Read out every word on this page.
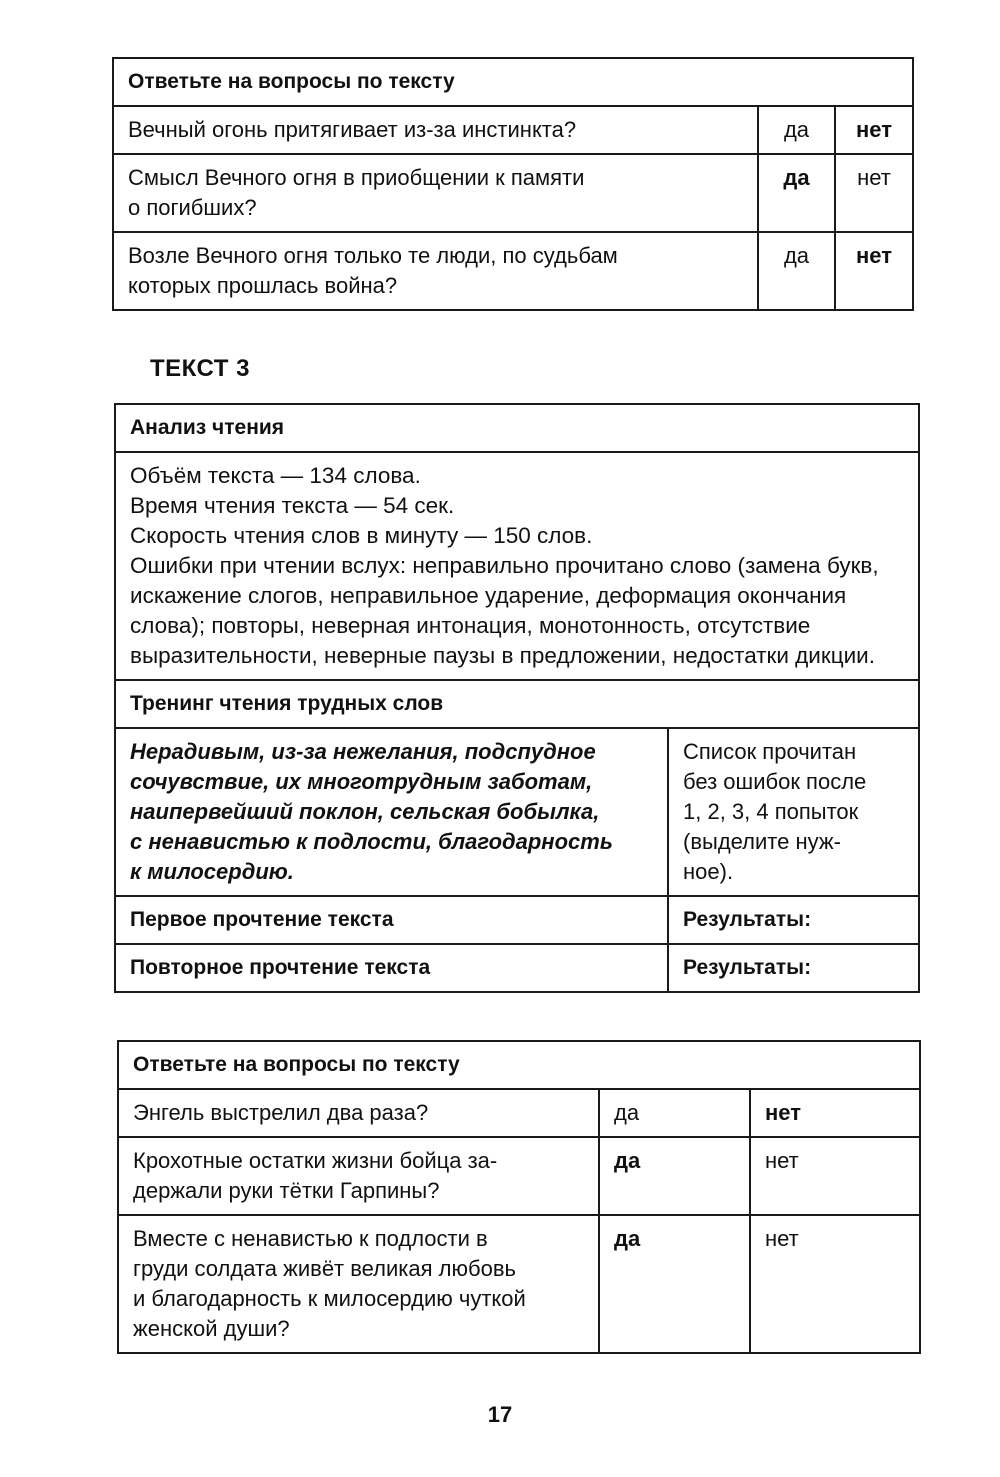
Ответьте на вопросы по тексту		
Вечный огонь притягивает из-за инстинкта?	да	нет
Смысл Вечного огня в приобщении к памяти
о погибших?	да	нет
Возле Вечного огня только те люди, по судьбам
которых прошлась война?	да	нет
ТЕКСТ 3
Анализ чтения	

Объём текста — 134 слова.
Время чтения текста — 54 сек.
Скорость чтения слов в минуту — 150 слов.
Ошибки при чтении вслух: неправильно прочитано слово (замена букв, искажение слогов, неправильное ударение, деформация окончания слова); повторы, неверная интонация, монотонность, отсутствие выразительности, неверные паузы в предложении, недостатки дикции.	

Тренинг чтения трудных слов	
Нерадивым, из-за нежелания, подспудное
сочувствие, их многотрудным заботам,
наипервейший поклон, сельская бобылка,
с ненавистью к подлости, благодарность
к милосердию.	Список прочитан
без ошибок после
1, 2, 3, 4 попыток
(выделите нуж-
ное).
Первое прочтение текста	Результаты:
Повторное прочтение текста	Результаты:
Ответьте на вопросы по тексту		
Энгель выстрелил два раза?	да	нет
Крохотные остатки жизни бойца за-
держали руки тётки Гарпины?	да	нет
Вместе с ненавистью к подлости в
груди солдата живёт великая любовь
и благодарность к милосердию чуткой
женской души?	да	нет
17
